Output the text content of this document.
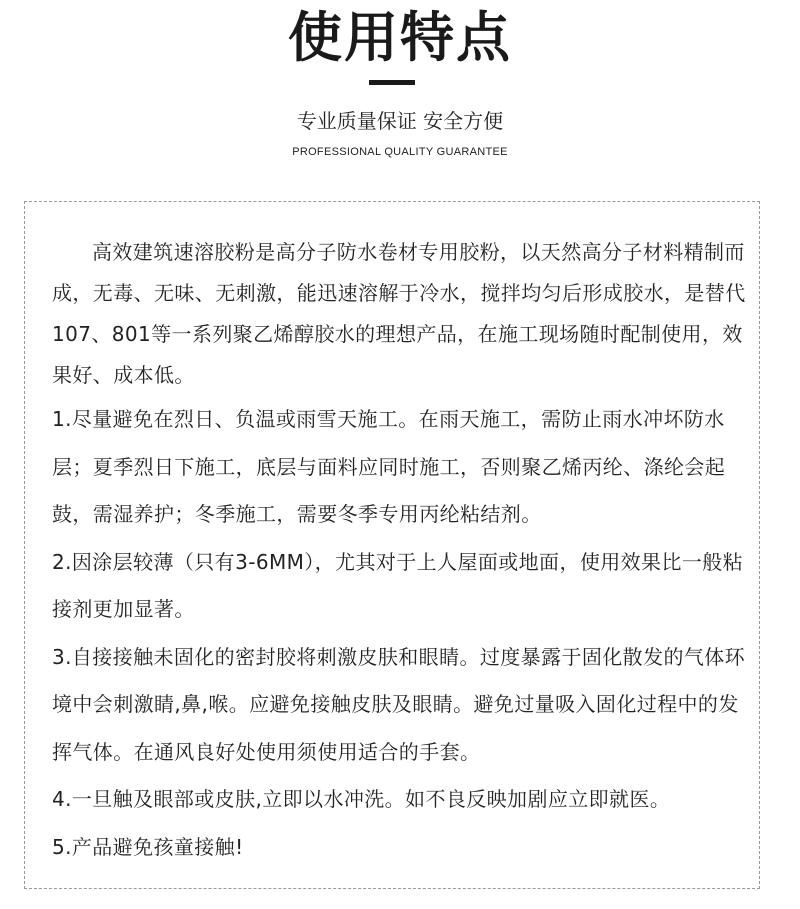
使用特点
专业质量保证 安全方便
PROFESSIONAL QUALITY GUARANTEE

高效建筑速溶胶粉是高分子防水卷材专用胶粉，以天然高分子材料精制而成，无毒、无味、无刺激，能迅速溶解于冷水，搅拌均匀后形成胶水，是替代107、801等一系列聚乙烯醇胶水的理想产品，在施工现场随时配制使用，效果好、成本低。

1.尽量避免在烈日、负温或雨雪天施工。在雨天施工，需防止雨水冲坏防水层；夏季烈日下施工，底层与面料应同时施工，否则聚乙烯丙纶、涤纶会起鼓，需湿养护；冬季施工，需要冬季专用丙纶粘结剂。

2.因涂层较薄（只有3-6MM），尤其对于上人屋面或地面，使用效果比一般粘接剂更加显著。

3.自接接触未固化的密封胶将刺激皮肤和眼睛。过度暴露于固化散发的气体环境中会刺激睛,鼻,喉。应避免接触皮肤及眼睛。避免过量吸入固化过程中的发挥气体。在通风良好处使用须使用适合的手套。

4.一旦触及眼部或皮肤,立即以水冲洗。如不良反映加剧应立即就医。

5.产品避免孩童接触!
